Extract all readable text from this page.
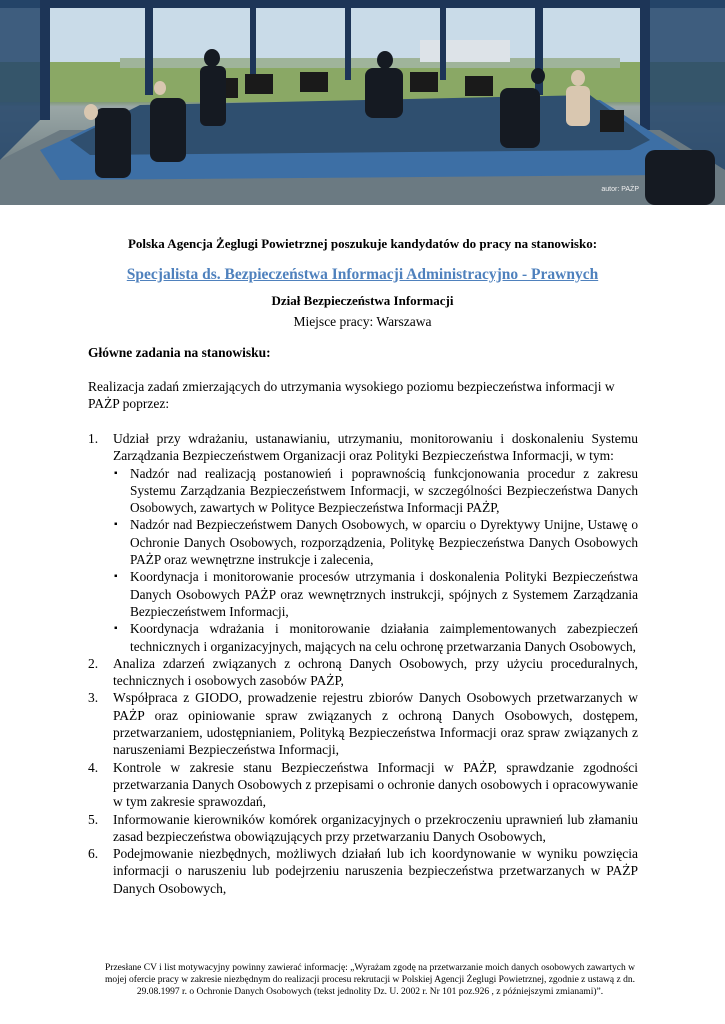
autor: PAŻP
Polska Agencja Żeglugi Powietrznej poszukuje kandydatów do pracy na stanowisko:
Specjalista ds. Bezpieczeństwa Informacji Administracyjno - Prawnych
Dział Bezpieczeństwa Informacji
Miejsce pracy: Warszawa
Główne zadania na stanowisku:
Realizacja zadań zmierzających do utrzymania wysokiego poziomu bezpieczeństwa informacji w PAŻP poprzez:
1. Udział przy wdrażaniu, ustanawianiu, utrzymaniu, monitorowaniu i doskonaleniu Systemu Zarządzania Bezpieczeństwem Organizacji oraz Polityki Bezpieczeństwa Informacji, w tym:
▪ Nadzór nad realizacją postanowień i poprawnością funkcjonowania procedur z zakresu Systemu Zarządzania Bezpieczeństwem Informacji, w szczególności Bezpieczeństwa Danych Osobowych, zawartych w Polityce Bezpieczeństwa Informacji PAŻP,
▪ Nadzór nad Bezpieczeństwem Danych Osobowych, w oparciu o Dyrektywy Unijne, Ustawę o Ochronie Danych Osobowych, rozporządzenia, Politykę Bezpieczeństwa Danych Osobowych PAŻP oraz wewnętrzne instrukcje i zalecenia,
▪ Koordynacja i monitorowanie procesów utrzymania i doskonalenia Polityki Bezpieczeństwa Danych Osobowych PAŻP oraz wewnętrznych instrukcji, spójnych z Systemem Zarządzania Bezpieczeństwem Informacji,
▪ Koordynacja wdrażania i monitorowanie działania zaimplementowanych zabezpieczeń technicznych i organizacyjnych, mających na celu ochronę przetwarzania Danych Osobowych,
2. Analiza zdarzeń związanych z ochroną Danych Osobowych, przy użyciu proceduralnych, technicznych i osobowych zasobów PAŻP,
3. Współpraca z GIODO, prowadzenie rejestru zbiorów Danych Osobowych przetwarzanych w PAŻP oraz opiniowanie spraw związanych z ochroną Danych Osobowych, dostępem, przetwarzaniem, udostępnianiem, Polityką Bezpieczeństwa Informacji oraz spraw związanych z naruszeniami Bezpieczeństwa Informacji,
4. Kontrole w zakresie stanu Bezpieczeństwa Informacji w PAŻP, sprawdzanie zgodności przetwarzania Danych Osobowych z przepisami o ochronie danych osobowych i opracowywanie w tym zakresie sprawozdań,
5. Informowanie kierowników komórek organizacyjnych o przekroczeniu uprawnień lub złamaniu zasad bezpieczeństwa obowiązujących przy przetwarzaniu Danych Osobowych,
6. Podejmowanie niezbędnych, możliwych działań lub ich koordynowanie w wyniku powzięcia informacji o naruszeniu lub podejrzeniu naruszenia bezpieczeństwa przetwarzanych w PAŻP Danych Osobowych,
Przesłane CV i list motywacyjny powinny zawierać informację: „Wyrażam zgodę na przetwarzanie moich danych osobowych zawartych w mojej ofercie pracy w zakresie niezbędnym do realizacji procesu rekrutacji w Polskiej Agencji Żeglugi Powietrznej, zgodnie z ustawą z dn. 29.08.1997 r. o Ochronie Danych Osobowych (tekst jednolity Dz. U. 2002 r. Nr 101 poz.926 , z późniejszymi zmianami)”.
